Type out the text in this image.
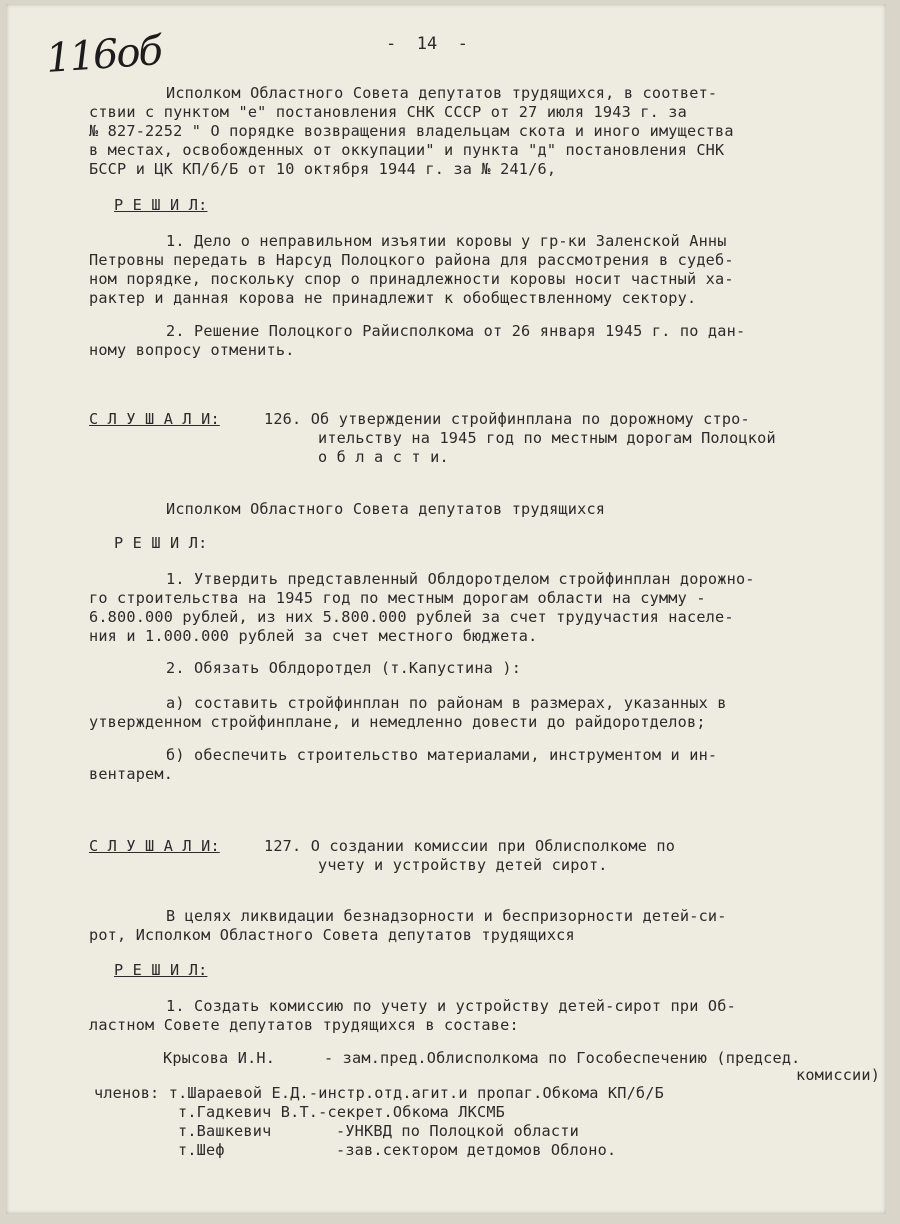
116об	-  14  -
Исполком Областного Совета депутатов трудящихся, в соответ-
ствии с пунктом "е" постановления СНК СССР от 27 июля 1943 г. за
№ 827-2252 " О порядке возвращения владельцам скота и иного имущества
в местах, освобожденных от оккупации" и пункта "д" постановления СНК
БССР и ЦК КП/б/Б от 10 октября 1944 г. за № 241/6,
Р Е Ш И Л:
1. Дело о неправильном изъятии коровы у гр-ки Заленской Анны
Петровны передать в Нарсуд Полоцкого района для рассмотрения в судеб-
ном порядке, поскольку спор о принадлежности коровы носит частный ха-
рактер и данная корова не принадлежит к обобществленному сектору.
2. Решение Полоцкого Райисполкома от 26 января 1945 г. по дан-
ному вопросу отменить.
С Л У Ш А Л И:	126. Об утверждении стройфинплана по дорожному стро-
ительству на 1945 год по местным дорогам Полоцкой
о б л а с т и.
Исполком Областного Совета депутатов трудящихся
Р Е Ш И Л:
1. Утвердить представленный Облдоротделом стройфинплан дорожно-
го строительства на 1945 год по местным дорогам области на сумму -
6.800.000 рублей, из них 5.800.000 рублей за счет трудучастия населе-
ния и 1.000.000 рублей за счет местного бюджета.
2. Обязать Облдоротдел (т.Капустина ):
а) составить стройфинплан по районам в размерах, указанных в
утвержденном стройфинплане, и немедленно довести до райдоротделов;
б) обеспечить строительство материалами, инструментом и ин-
вентарем.
С Л У Ш А Л И:	127. О создании комиссии при Облисполкоме по
учету и устройству детей сирот.
В целях ликвидации безнадзорности и беспризорности детей-си-
рот, Исполком Областного Совета депутатов трудящихся
Р Е Ш И Л:
1. Создать комиссию по учету и устройству детей-сирот при Об-
ластном Совете депутатов трудящихся в составе:
Крысова И.Н.	- зам.пред.Облисполкома по Гособеспечению (председ.
комиссии)
членов: т.Шараевой Е.Д.-инстр.отд.агит.и пропаг.Обкома КП/б/Б
т.Гадкевич В.Т.-секрет.Обкома ЛКСМБ
т.Вашкевич	-УНКВД по Полоцкой области
т.Шеф	-зав.сектором детдомов Облоно.
